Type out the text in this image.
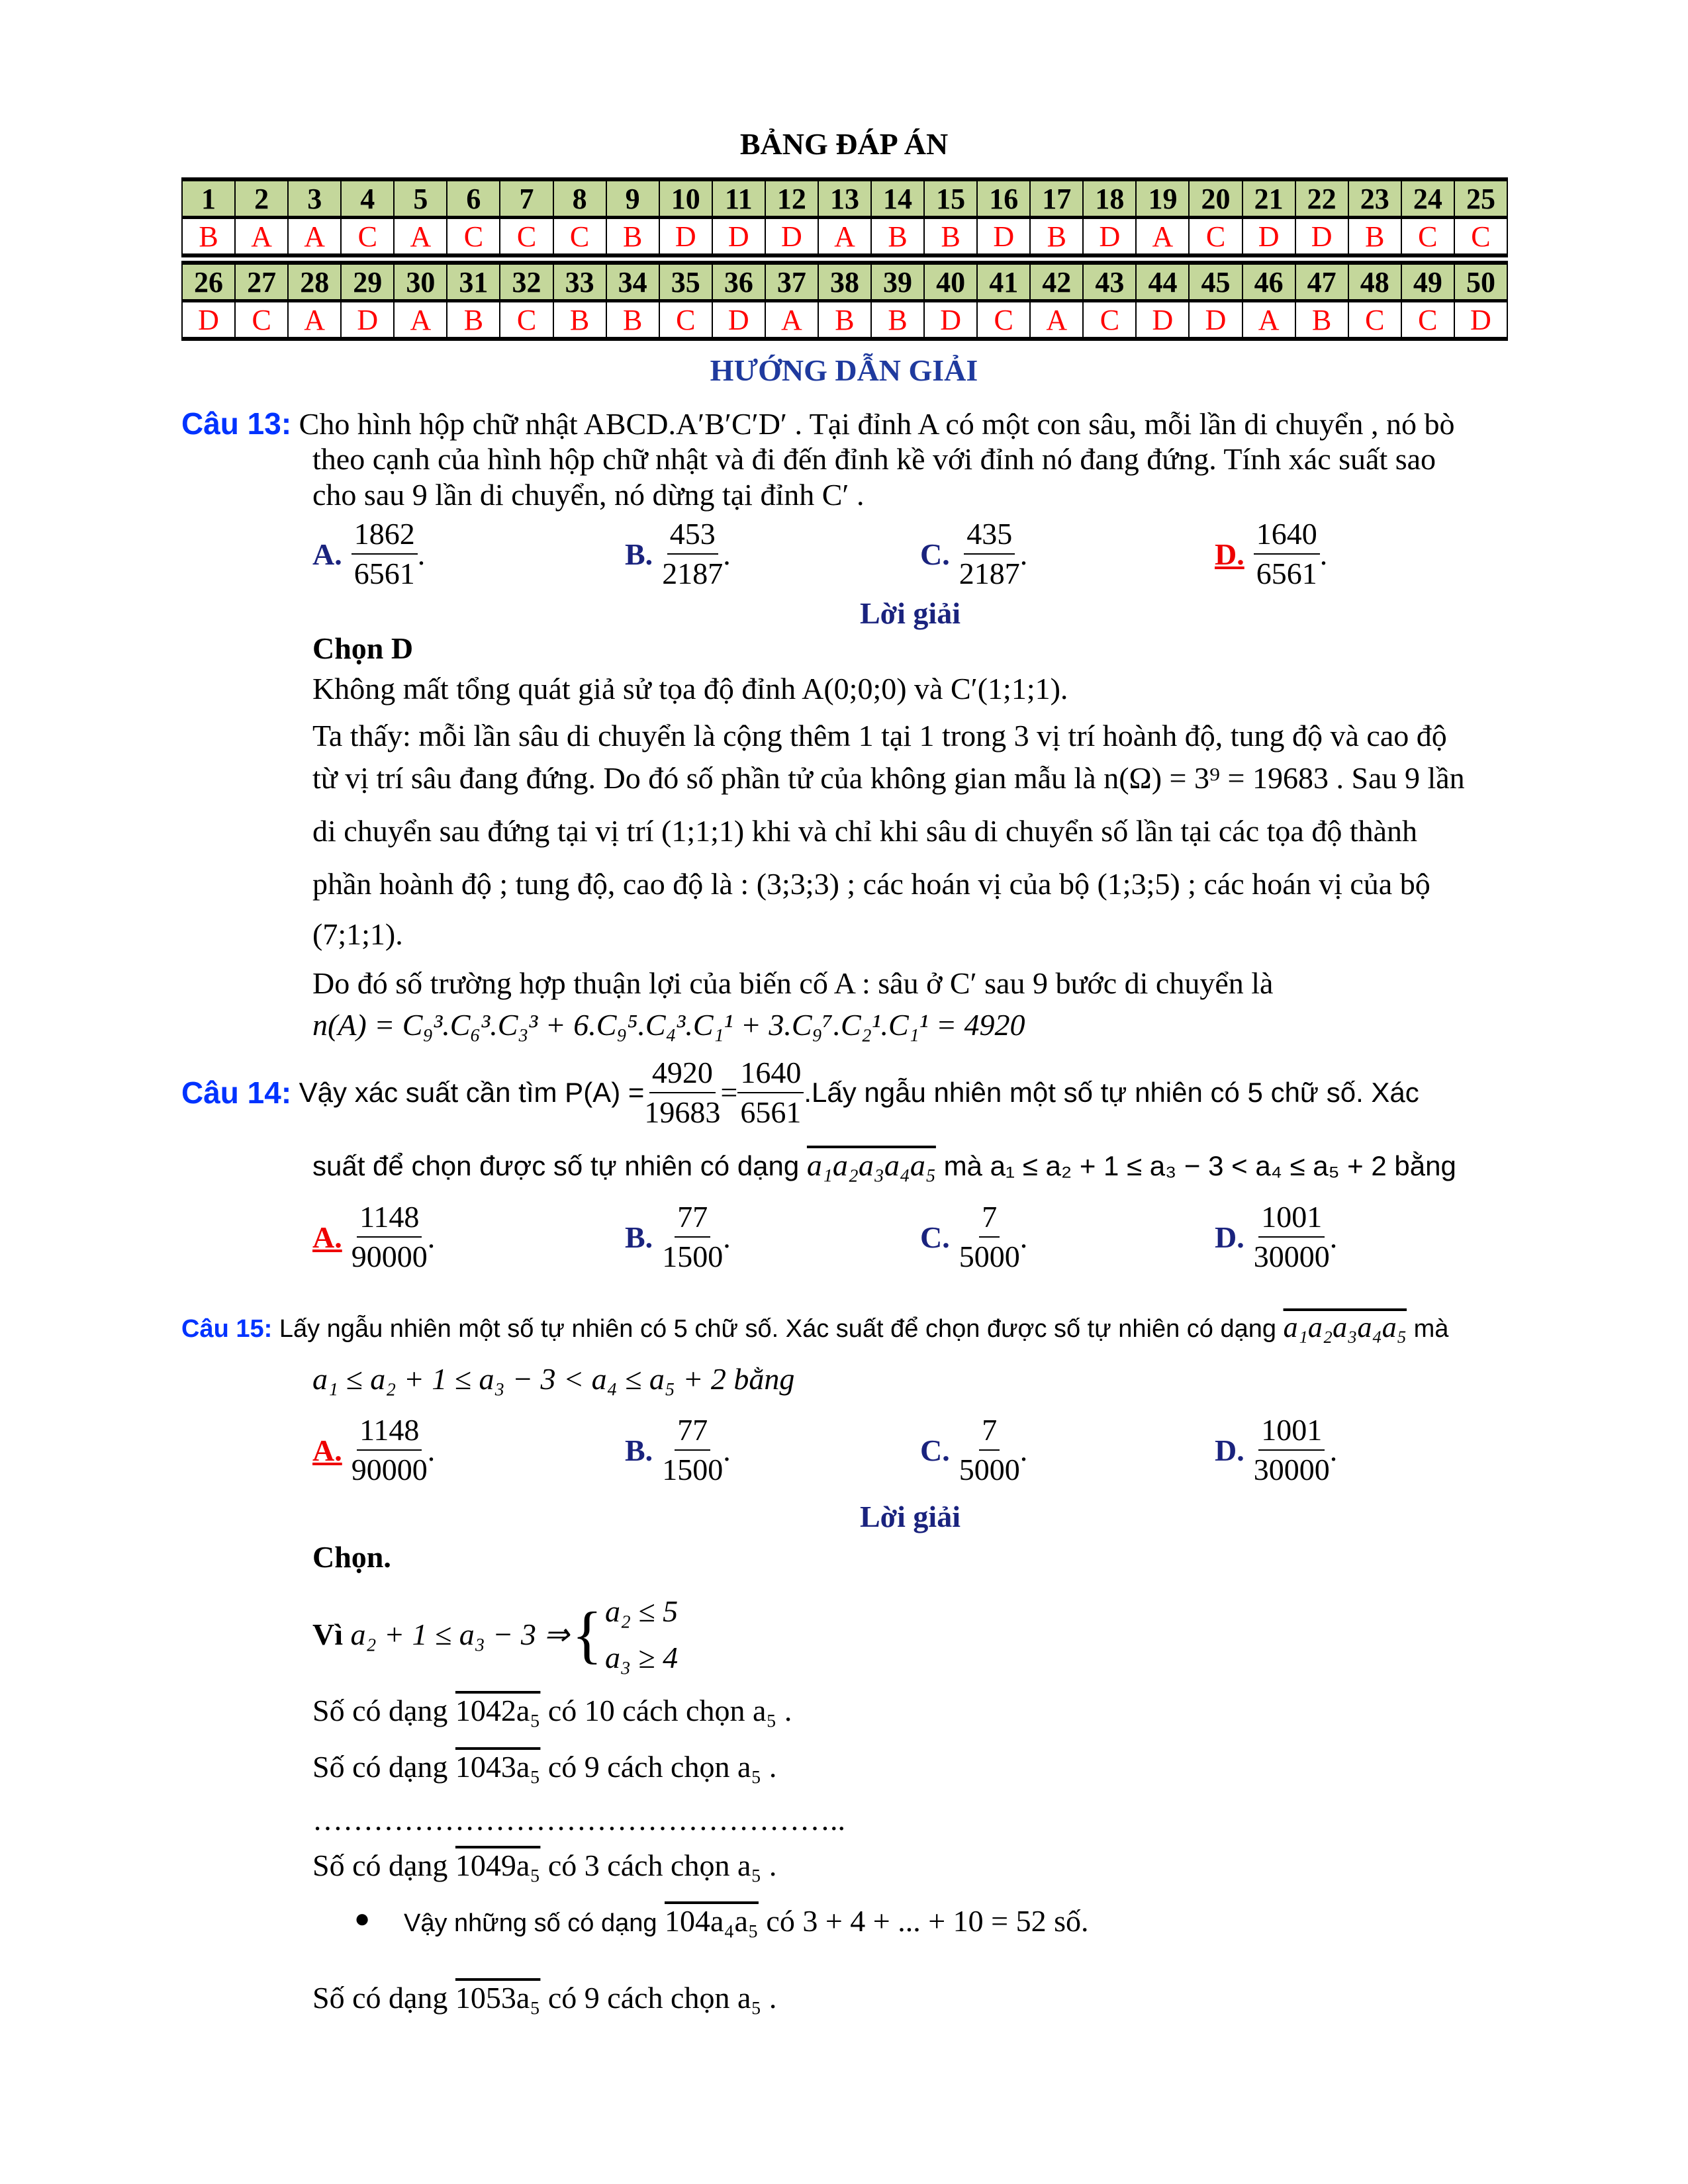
BẢNG ĐÁP ÁN
1	2	3	4	5	6	7	8	9	10	11	12	13	14	15	16	17	18	19	20	21	22	23	24	25
B	A	A	C	A	C	C	C	B	D	D	D	A	B	B	D	B	D	A	C	D	D	B	C	C
26	27	28	29	30	31	32	33	34	35	36	37	38	39	40	41	42	43	44	45	46	47	48	49	50
D	C	A	D	A	B	C	B	B	C	D	A	B	B	D	C	A	C	D	D	A	B	C	C	D
HƯỚNG DẪN GIẢI
Câu 13: Cho hình hộp chữ nhật ABCD.A′B′C′D′ . Tại đỉnh A có một con sâu, mỗi lần di chuyển , nó bò
theo cạnh của hình hộp chữ nhật và đi đến đỉnh kề với đỉnh nó đang đứng. Tính xác suất sao
cho sau 9 lần di chuyển, nó dừng tại đỉnh C′ .
A. $\frac{1862}{6561}$ .	B. $\frac{453}{2187}$ .	C. $\frac{435}{2187}$ .	D. $\frac{1640}{6561}$ .
Lời giải
Chọn D
Không mất tổng quát giả sử tọa độ đỉnh A(0;0;0) và C′(1;1;1).
Ta thấy: mỗi lần sâu di chuyển là cộng thêm 1 tại 1 trong 3 vị trí hoành độ, tung độ và cao độ
từ vị trí sâu đang đứng. Do đó số phần tử của không gian mẫu là n(Ω) = 3⁹ = 19683 . Sau 9 lần
di chuyển sau đứng tại vị trí (1;1;1) khi và chỉ khi sâu di chuyển số lần tại các tọa độ thành
phần hoành độ ; tung độ, cao độ là : (3;3;3) ; các hoán vị của bộ (1;3;5) ; các hoán vị của bộ
(7;1;1).
Do đó số trường hợp thuận lợi của biến cố A : sâu ở C′ sau 9 bước di chuyển là
n(A) = C₉³.C₆³.C₃³ + 6.C₉⁵.C₄³.C₁¹ + 3.C₉⁷.C₂¹.C₁¹ = 4920
Câu 14:
Vậy xác suất cần tìm $P(A) = \frac{4920}{19683} = \frac{1640}{6561}$ .Lấy ngẫu nhiên một số tự nhiên có 5 chữ số. Xác
suất để chọn được số tự nhiên có dạng a₁a₂a₃a₄a₅ mà a₁ ≤ a₂ + 1 ≤ a₃ − 3 < a₄ ≤ a₅ + 2 bằng
A. $\frac{1148}{90000}$ .	B. $\frac{77}{1500}$ .	C. $\frac{7}{5000}$ .	D. $\frac{1001}{30000}$ .
Câu 15: Lấy ngẫu nhiên một số tự nhiên có 5 chữ số. Xác suất để chọn được số tự nhiên có dạng a₁a₂a₃a₄a₅ mà
a₁ ≤ a₂ + 1 ≤ a₃ − 3 < a₄ ≤ a₅ + 2 bằng
A. $\frac{1148}{90000}$ .	B. $\frac{77}{1500}$ .	C. $\frac{7}{5000}$ .	D. $\frac{1001}{30000}$ .
Lời giải
Chọn.
Vì
a₂ + 1 ≤ a₃ − 3 ⇒ { a₂ ≤ 5
a₃ ≥ 4
Số có dạng 1042a₅ có 10 cách chọn a₅ .
Số có dạng 1043a₅ có 9 cách chọn a₅ .
……………………………………………..
Số có dạng 1049a₅ có 3 cách chọn a₅ .
● Vậy những số có dạng 104a₄a₅ có 3 + 4 + ... + 10 = 52 số.
Số có dạng 1053a₅ có 9 cách chọn a₅ .
